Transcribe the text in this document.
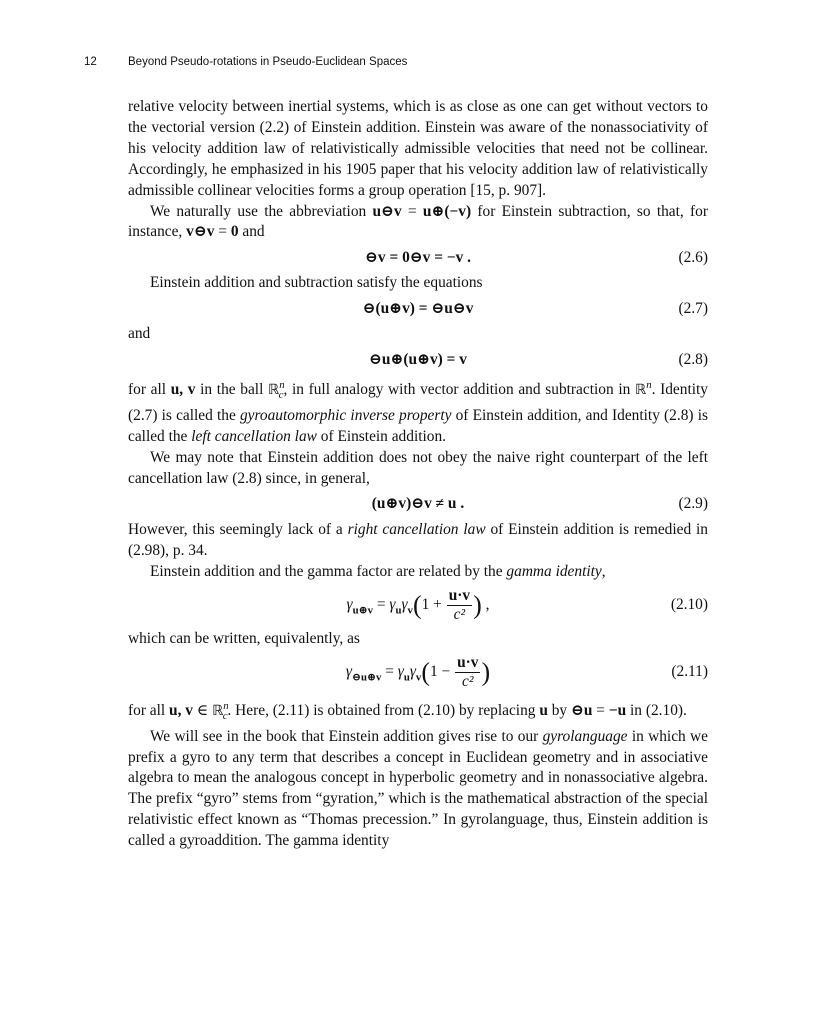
12	Beyond Pseudo-rotations in Pseudo-Euclidean Spaces

relative velocity between inertial systems, which is as close as one can get without vectors to the vectorial version (2.2) of Einstein addition. Einstein was aware of the nonassociativity of his velocity addition law of relativistically admissible velocities that need not be collinear. Accordingly, he emphasized in his 1905 paper that his velocity addition law of relativistically admissible collinear velocities forms a group operation [15, p. 907].

We naturally use the abbreviation u⊖v = u⊕(−v) for Einstein subtraction, so that, for instance, v⊖v = 0 and

⊖v = 0⊖v = −v .	(2.6)

Einstein addition and subtraction satisfy the equations

⊖(u⊕v) = ⊖u⊖v	(2.7)

and

⊖u⊕(u⊕v) = v	(2.8)

for all u, v in the ball ℝ$^n_c$, in full analogy with vector addition and subtraction in ℝ$^n$. Identity (2.7) is called the gyroautomorphic inverse property of Einstein addition, and Identity (2.8) is called the left cancellation law of Einstein addition.

We may note that Einstein addition does not obey the naive right counterpart of the left cancellation law (2.8) since, in general,

(u⊕v)⊖v ≠ u .	(2.9)

However, this seemingly lack of a right cancellation law of Einstein addition is remedied in (2.98), p. 34.

Einstein addition and the gamma factor are related by the gamma identity,

$\gamma_{u\oplus v} = \gamma_u\gamma_v(1 + \frac{u\cdot v}{\text{c²}}$ ) ,	(2.10)

which can be written, equivalently, as

$\gamma_{⊖u\oplus v} = \gamma_u\gamma_v(1 - \frac{u\cdot v}{\text{c²}}$ )	(2.11)

for all u, v ∈ ℝ$^n_c$. Here, (2.11) is obtained from (2.10) by replacing u by ⊖u = −u in (2.10).

We will see in the book that Einstein addition gives rise to our gyrolanguage in which we prefix a gyro to any term that describes a concept in Euclidean geometry and in associative algebra to mean the analogous concept in hyperbolic geometry and in nonassociative algebra. The prefix “gyro” stems from “gyration,” which is the mathematical abstraction of the special relativistic effect known as “Thomas precession.” In gyrolanguage, thus, Einstein addition is called a gyroaddition. The gamma identity
